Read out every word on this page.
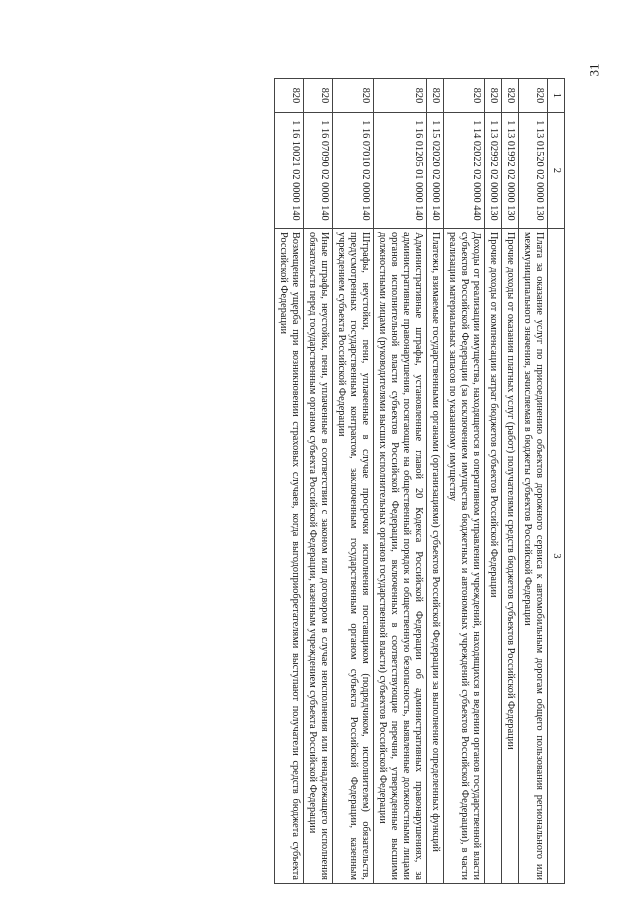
31
1	2	3
820	1 13 01520 02 0000 130	Плата за оказание услуг по присоединению объектов дорожного сервиса к автомобильным дорогам общего пользования регионального или межмуниципального значения, зачисляемая в бюджеты субъектов Российской Федерации
820	1 13 01992 02 0000 130	Прочие доходы от оказания платных услуг (работ) получателями средств бюджетов субъектов Российской Федерации
820	1 13 02992 02 0000 130	Прочие доходы от компенсации затрат бюджетов субъектов Российской Федерации
820	1 14 02022 02 0000 440	Доходы от реализации имущества, находящегося в оперативном управлении учреждений, находящихся в ведении органов государственной власти субъектов Российской Федерации (за исключением имущества бюджетных и автономных учреждений субъектов Российской Федерации), в части реализации материальных запасов по указанному имуществу
820	1 15 02020 02 0000 140	Платежи, взимаемые государственными органами (организациями) субъектов Российской Федерации за выполнение определенных функций
820	1 16 01205 01 0000 140	Административные штрафы, установленные главой 20 Кодекса Российской Федерации об административных правонарушениях, за административные правонарушения, посягающие на общественный порядок и общественную безопасность, выявленные должностными лицами органов исполнительной власти субъектов Российской Федерации, включенных в соответствующие перечни, утвержденные высшими должностными лицами (руководителями высших исполнительных органов государственной власти) субъектов Российской Федерации
820	1 16 07010 02 0000 140	Штрафы, неустойки, пени, уплаченные в случае просрочки исполнения поставщиком (подрядчиком, исполнителем) обязательств, предусмотренных государственным контрактом, заключенным государственным органом субъекта Российской Федерации, казенным учреждением субъекта Российской Федерации
820	1 16 07090 02 0000 140	Иные штрафы, неустойки, пени, уплаченные в соответствии с законом или договором в случае неисполнения или ненадлежащего исполнения обязательств перед государственным органом субъекта Российской Федерации, казенным учреждением субъекта Российской Федерации
820	1 16 10021 02 0000 140	Возмещение ущерба при возникновении страховых случаев, когда выгодоприобретателями выступают получатели средств бюджета субъекта Российской Федерации
